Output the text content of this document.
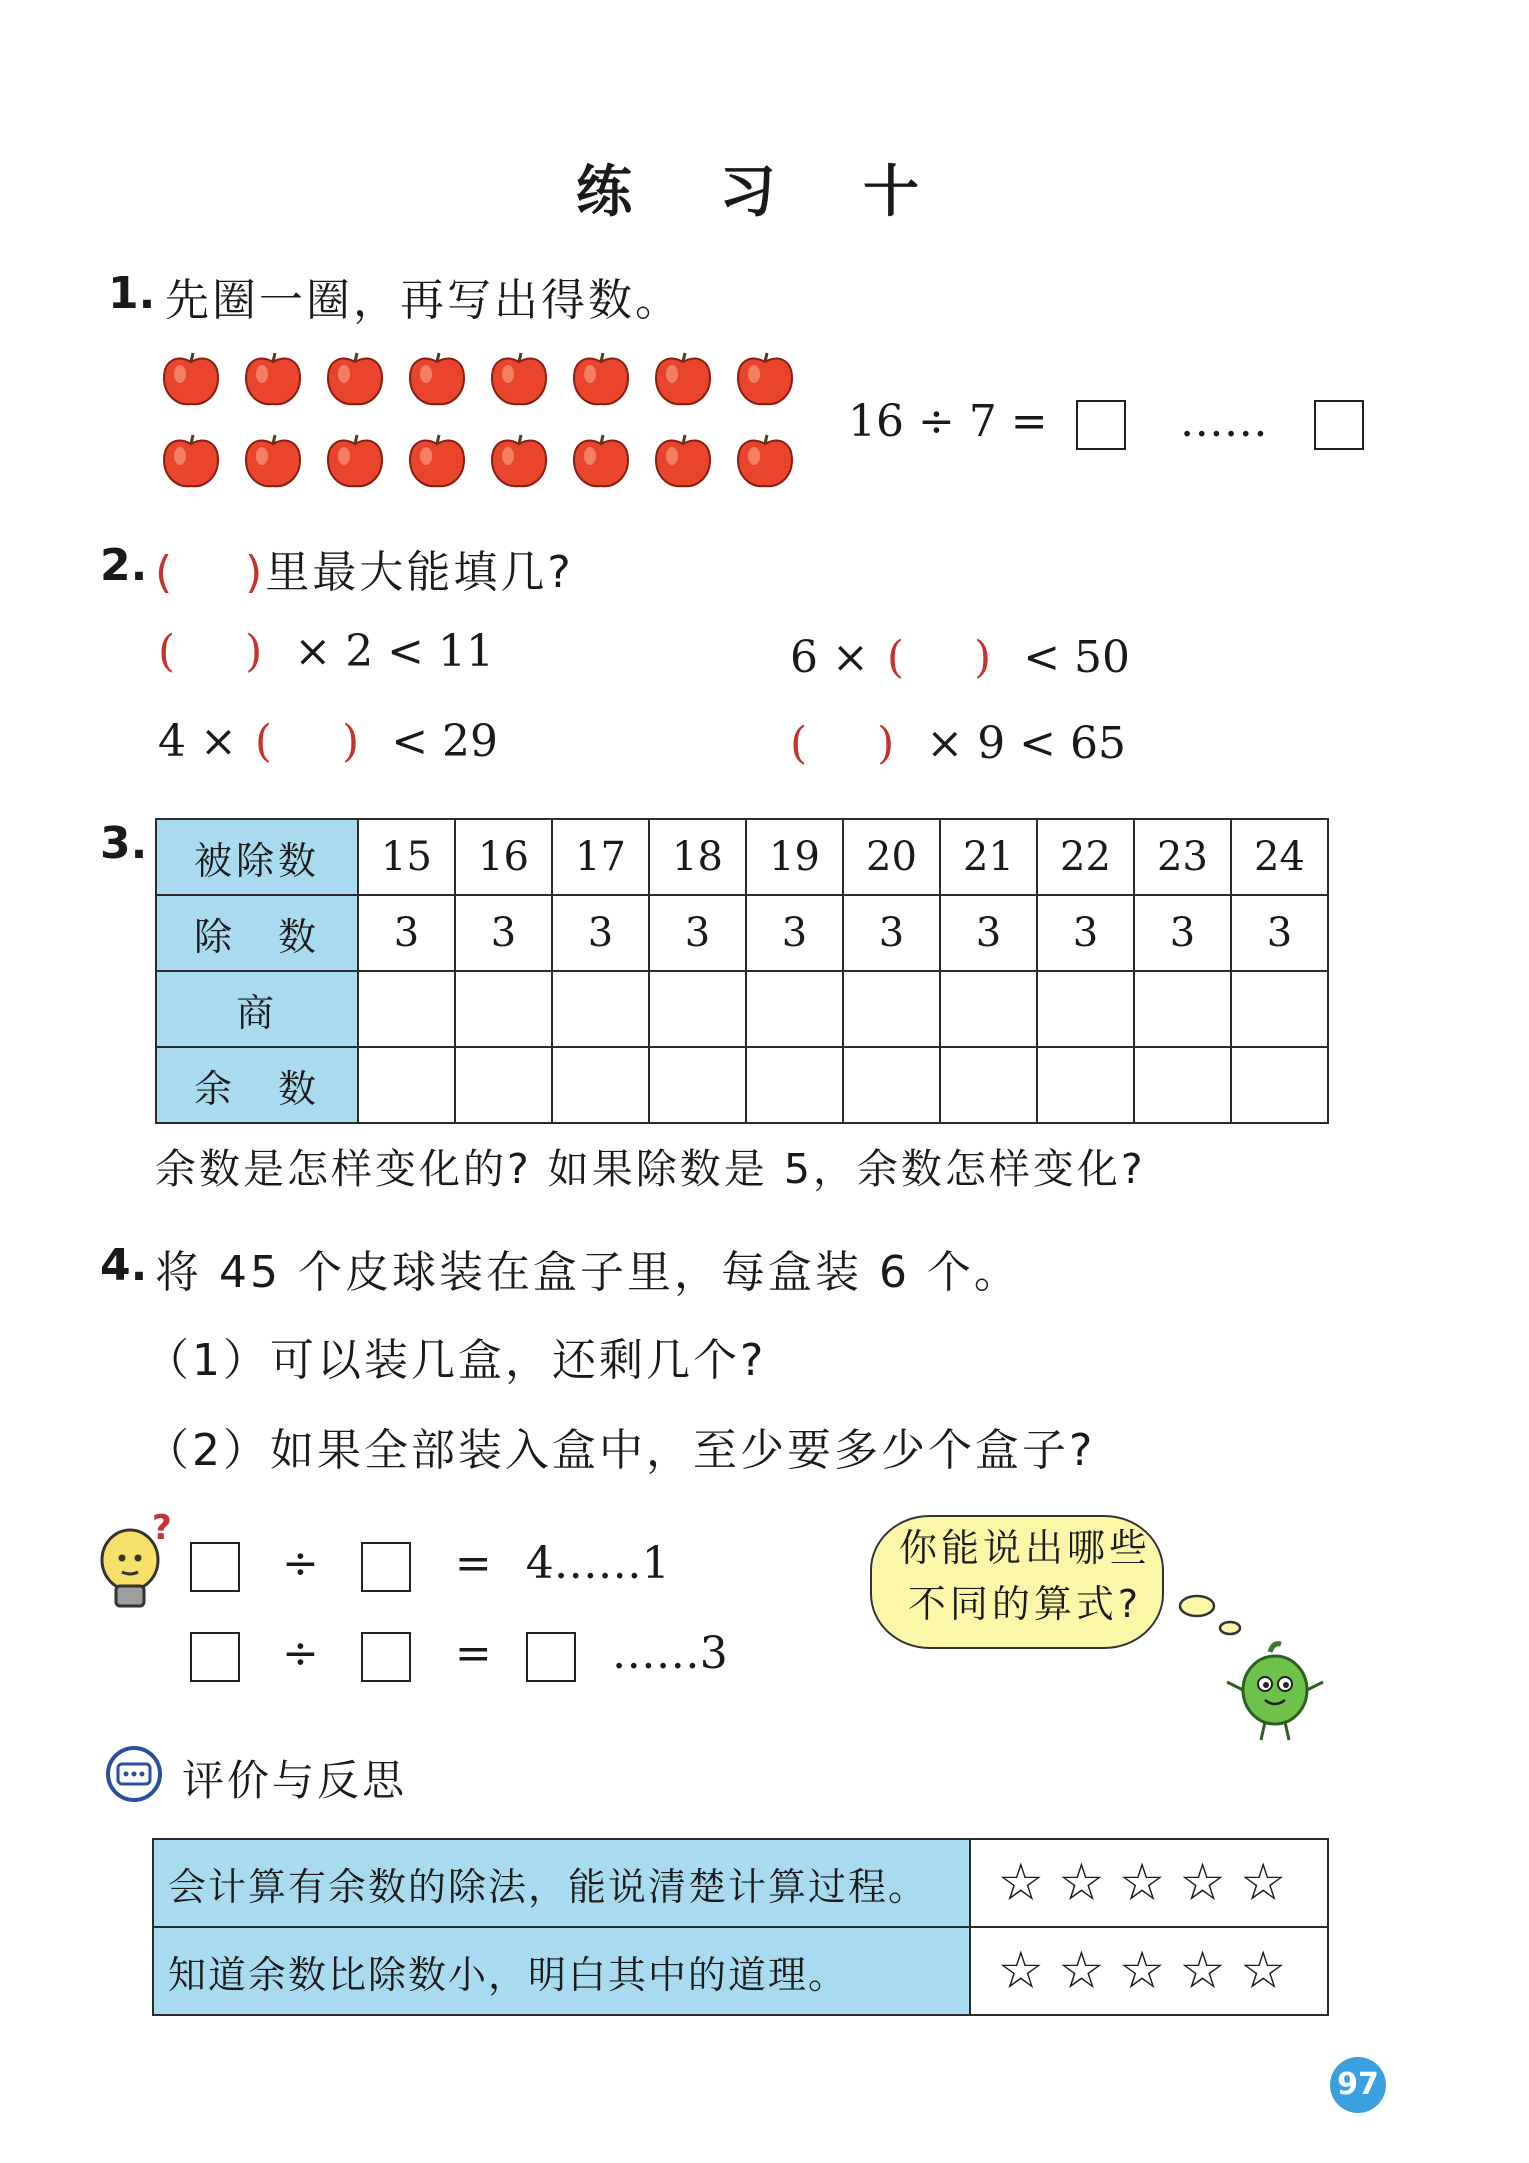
练 习 十
1. 先圈一圈，再写出得数。
16 ÷ 7 =	……
2. ( )里最大能填几?
( ) × 2 < 11	6 × ( ) < 50
4 × ( ) < 29	( ) × 9 < 65
3. 被除数	15	16	17	18	19	20	21	22	23	24
除　数	3	3	3	3	3	3	3	3	3	3
商										
余　数										
余数是怎样变化的? 如果除数是 5，余数怎样变化?
4. 将 45 个皮球装在盒子里，每盒装 6 个。
（1）可以装几盒，还剩几个?
（2）如果全部装入盒中，至少要多少个盒子?
?
÷	= 4……1
÷	=	……3
你能说出哪些
不同的算式?
评价与反思
会计算有余数的除法，能说清楚计算过程。	☆☆☆☆☆
知道余数比除数小，明白其中的道理。	☆☆☆☆☆
97
